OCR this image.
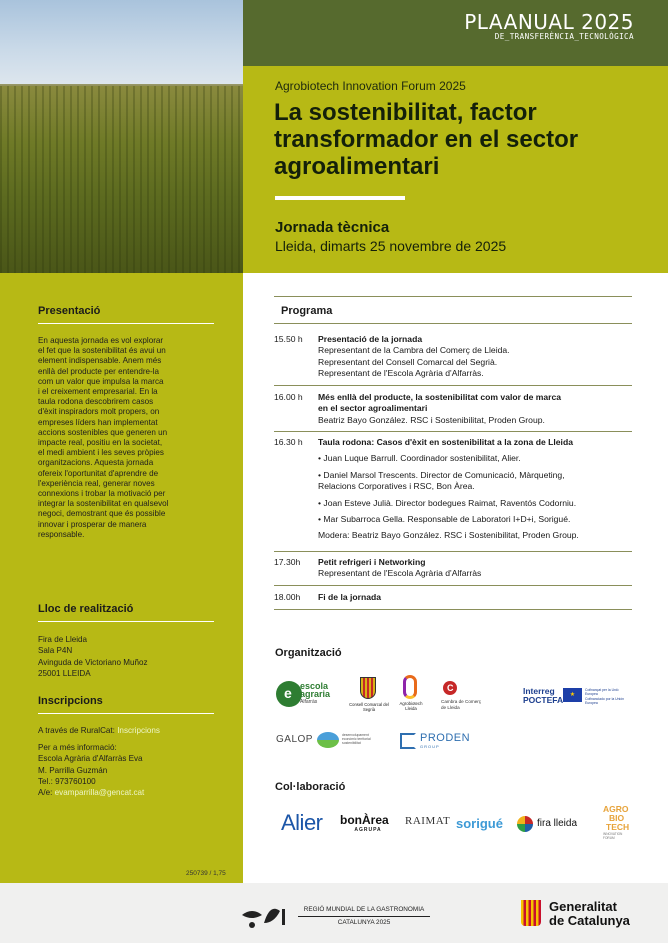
PLAANUAL 2025
DE_TRANSFERÈNCIA_TECNOLÒGICA
Agrobiotech Innovation Forum 2025
La sostenibilitat, factor
transformador en el sector
agroalimentari
Jornada tècnica
Lleida, dimarts 25 novembre de 2025
Presentació
En aquesta jornada es vol explorar
el fet que la sostenibilitat és avui un
element indispensable. Anem més
enllà del producte per entendre-la
com un valor que impulsa la marca
i el creixement empresarial. En la
taula rodona descobrirem casos
d'èxit inspiradors molt propers, on
empreses líders han implementat
accions sostenibles que generen un
impacte real, positiu en la societat,
el medi ambient i les seves pròpies
organitzacions. Aquesta jornada
ofereix l'oportunitat d'aprendre de
l'experiència real, generar noves
connexions i trobar la motivació per
integrar la sostenibilitat en qualsevol
negoci, demostrant que és possible
innovar i prosperar de manera
responsable.
Lloc de realització
Fira de Lleida
Sala P4N
Avinguda de Victoriano Muñoz
25001 LLEIDA
Inscripcions
A través de RuralCat: Inscripcions
Per a més informació:
Escola Agrària d'Alfarràs Eva
M. Parrilla Guzmán
Tel.: 973760100
A/e: evamparrilla@gencat.cat
250739 / 1,75
Programa
15.50 h	Presentació de la jornada
Representant de la Cambra del Comerç de Lleida.
Representant del Consell Comarcal del Segrià.
Representant de l'Escola Agrària d'Alfarràs.
16.00 h	Més enllà del producte, la sostenibilitat com valor de marca
en el sector agroalimentari
Beatriz Bayo González. RSC i Sostenibilitat, Proden Group.
16.30 h	Taula rodona: Casos d'èxit en sostenibilitat a la zona de Lleida
• Juan Luque Barrull. Coordinador sostenibilitat, Alier.
• Daniel Marsol Trescents. Director de Comunicació, Màrqueting,
Relacions Corporatives i RSC, Bon Àrea.
• Joan Esteve Julià. Director bodegues Raimat, Raventós Codorniu.
• Mar Subarroca Gella. Responsable de Laboratori I+D+i, Sorigué.
Modera: Beatriz Bayo González. RSC i Sostenibilitat, Proden Group.
17.30h	Petit refrigeri i Networking
Representant de l'Escola Agrària d'Alfarràs
18.00h	Fi de la jornada
Organització
e escola
agraria
Alfarràs	Consell Comarcal del Segrià
Agrobiotech
Lleida
C
Cambra de Comerç
de Lleida
Interreg
POCTEFA	★
Cofinançat per la Unió Europea
Cofinanciado por la Unión Europea
GALOP	desenvolupament
econòmic territorial
sostenibilitat	PRODEN
GROUP
Col·laboració
Alier bonÀrea
AGRUPA
RAIMAT sorigué	fira lleida
AGRO
BIO
TECH
INNOVATION
FORUM
REGIÓ MUNDIAL DE LA GASTRONOMIA
CATALUNYA 2025
Generalitat
de Catalunya
